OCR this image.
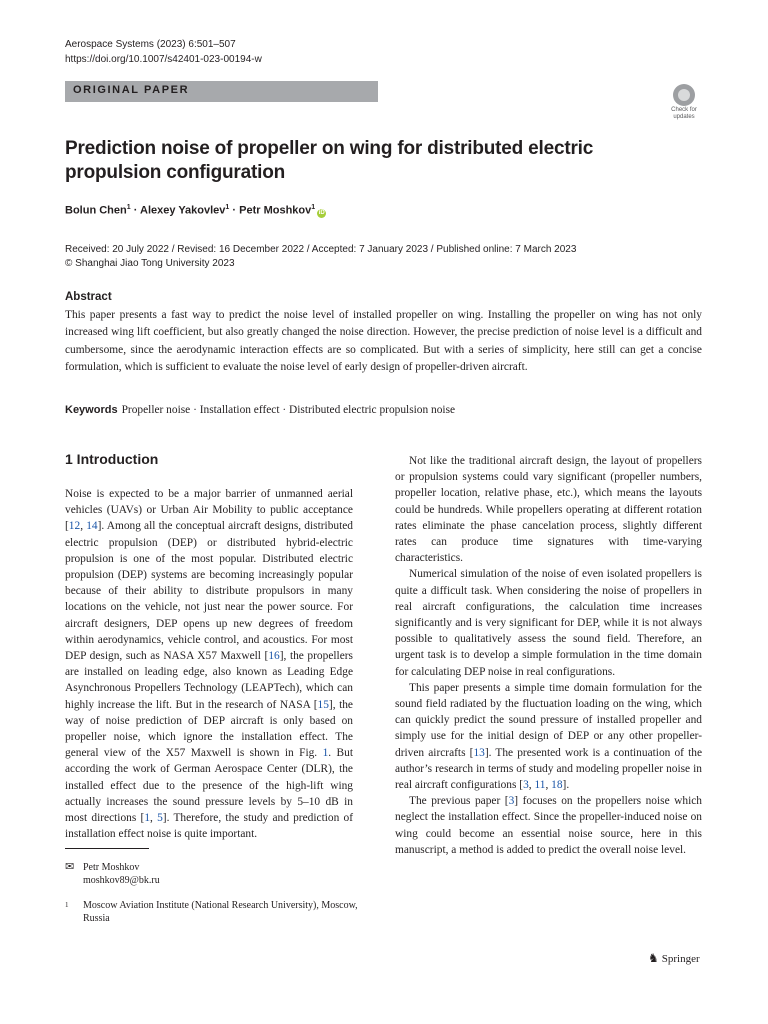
Aerospace Systems (2023) 6:501–507
https://doi.org/10.1007/s42401-023-00194-w
ORIGINAL PAPER
Check for updates
Prediction noise of propeller on wing for distributed electric propulsion configuration
Bolun Chen$^1$ · Alexey Yakovlev$^1$ · Petr Moshkov$^1$iD
Received: 20 July 2022 / Revised: 16 December 2022 / Accepted: 7 January 2023 / Published online: 7 March 2023
© Shanghai Jiao Tong University 2023
Abstract
This paper presents a fast way to predict the noise level of installed propeller on wing. Installing the propeller on wing has not only increased wing lift coefficient, but also greatly changed the noise direction. However, the precise prediction of noise level is a difficult and cumbersome, since the aerodynamic interaction effects are so complicated. But with a series of simplicity, here still can get a concise formulation, which is sufficient to evaluate the noise level of early design of propeller-driven aircraft.
Keywords Propeller noise · Installation effect · Distributed electric propulsion noise
1 Introduction

Noise is expected to be a major barrier of unmanned aerial vehicles (UAVs) or Urban Air Mobility to public acceptance [12, 14]. Among all the conceptual aircraft designs, distributed electric propulsion (DEP) or distributed hybrid-electric propulsion is one of the most popular. Distributed electric propulsion (DEP) systems are becoming increasingly popular because of their ability to distribute propulsors in many locations on the vehicle, not just near the power source. For aircraft designers, DEP opens up new degrees of freedom within aerodynamics, vehicle control, and acoustics. For most DEP design, such as NASA X57 Maxwell [16], the propellers are installed on leading edge, also known as Leading Edge Asynchronous Propellers Technology (LEAPTech), which can highly increase the lift. But in the research of NASA [15], the way of noise prediction of DEP aircraft is only based on propeller noise, which ignore the installation effect. The general view of the X57 Maxwell is shown in Fig. 1. But according the work of German Aerospace Center (DLR), the installed effect due to the presence of the high-lift wing actually increases the sound pressure levels by 5–10 dB in most directions [1, 5]. Therefore, the study and prediction of installation effect noise is quite important.

Not like the traditional aircraft design, the layout of propellers or propulsion systems could vary significant (propeller numbers, propeller location, relative phase, etc.), which means the layouts could be hundreds. While propellers operating at different rotation rates eliminate the phase cancelation process, slightly different rates can produce time signatures with time-varying characteristics.

Numerical simulation of the noise of even isolated propellers is quite a difficult task. When considering the noise of propellers in real aircraft configurations, the calculation time increases significantly and is very significant for DEP, while it is not always possible to qualitatively assess the sound field. Therefore, an urgent task is to develop a simple formulation in the time domain for calculating DEP noise in real configurations.

This paper presents a simple time domain formulation for the sound field radiated by the fluctuation loading on the wing, which can quickly predict the sound pressure of installed propeller and simply use for the initial design of DEP or any other propeller-driven aircrafts [13]. The presented work is a continuation of the author’s research in terms of study and modeling propeller noise in real aircraft configurations [3, 11, 18].

The previous paper [3] focuses on the propellers noise which neglect the installation effect. Since the propeller-induced noise on wing could become an essential noise source, here in this manuscript, a method is added to predict the overall noise level.

✉ Petr Moshkov
moshkov89@bk.ru
1 Moscow Aviation Institute (National Research University), Moscow, Russia
♞ Springer
